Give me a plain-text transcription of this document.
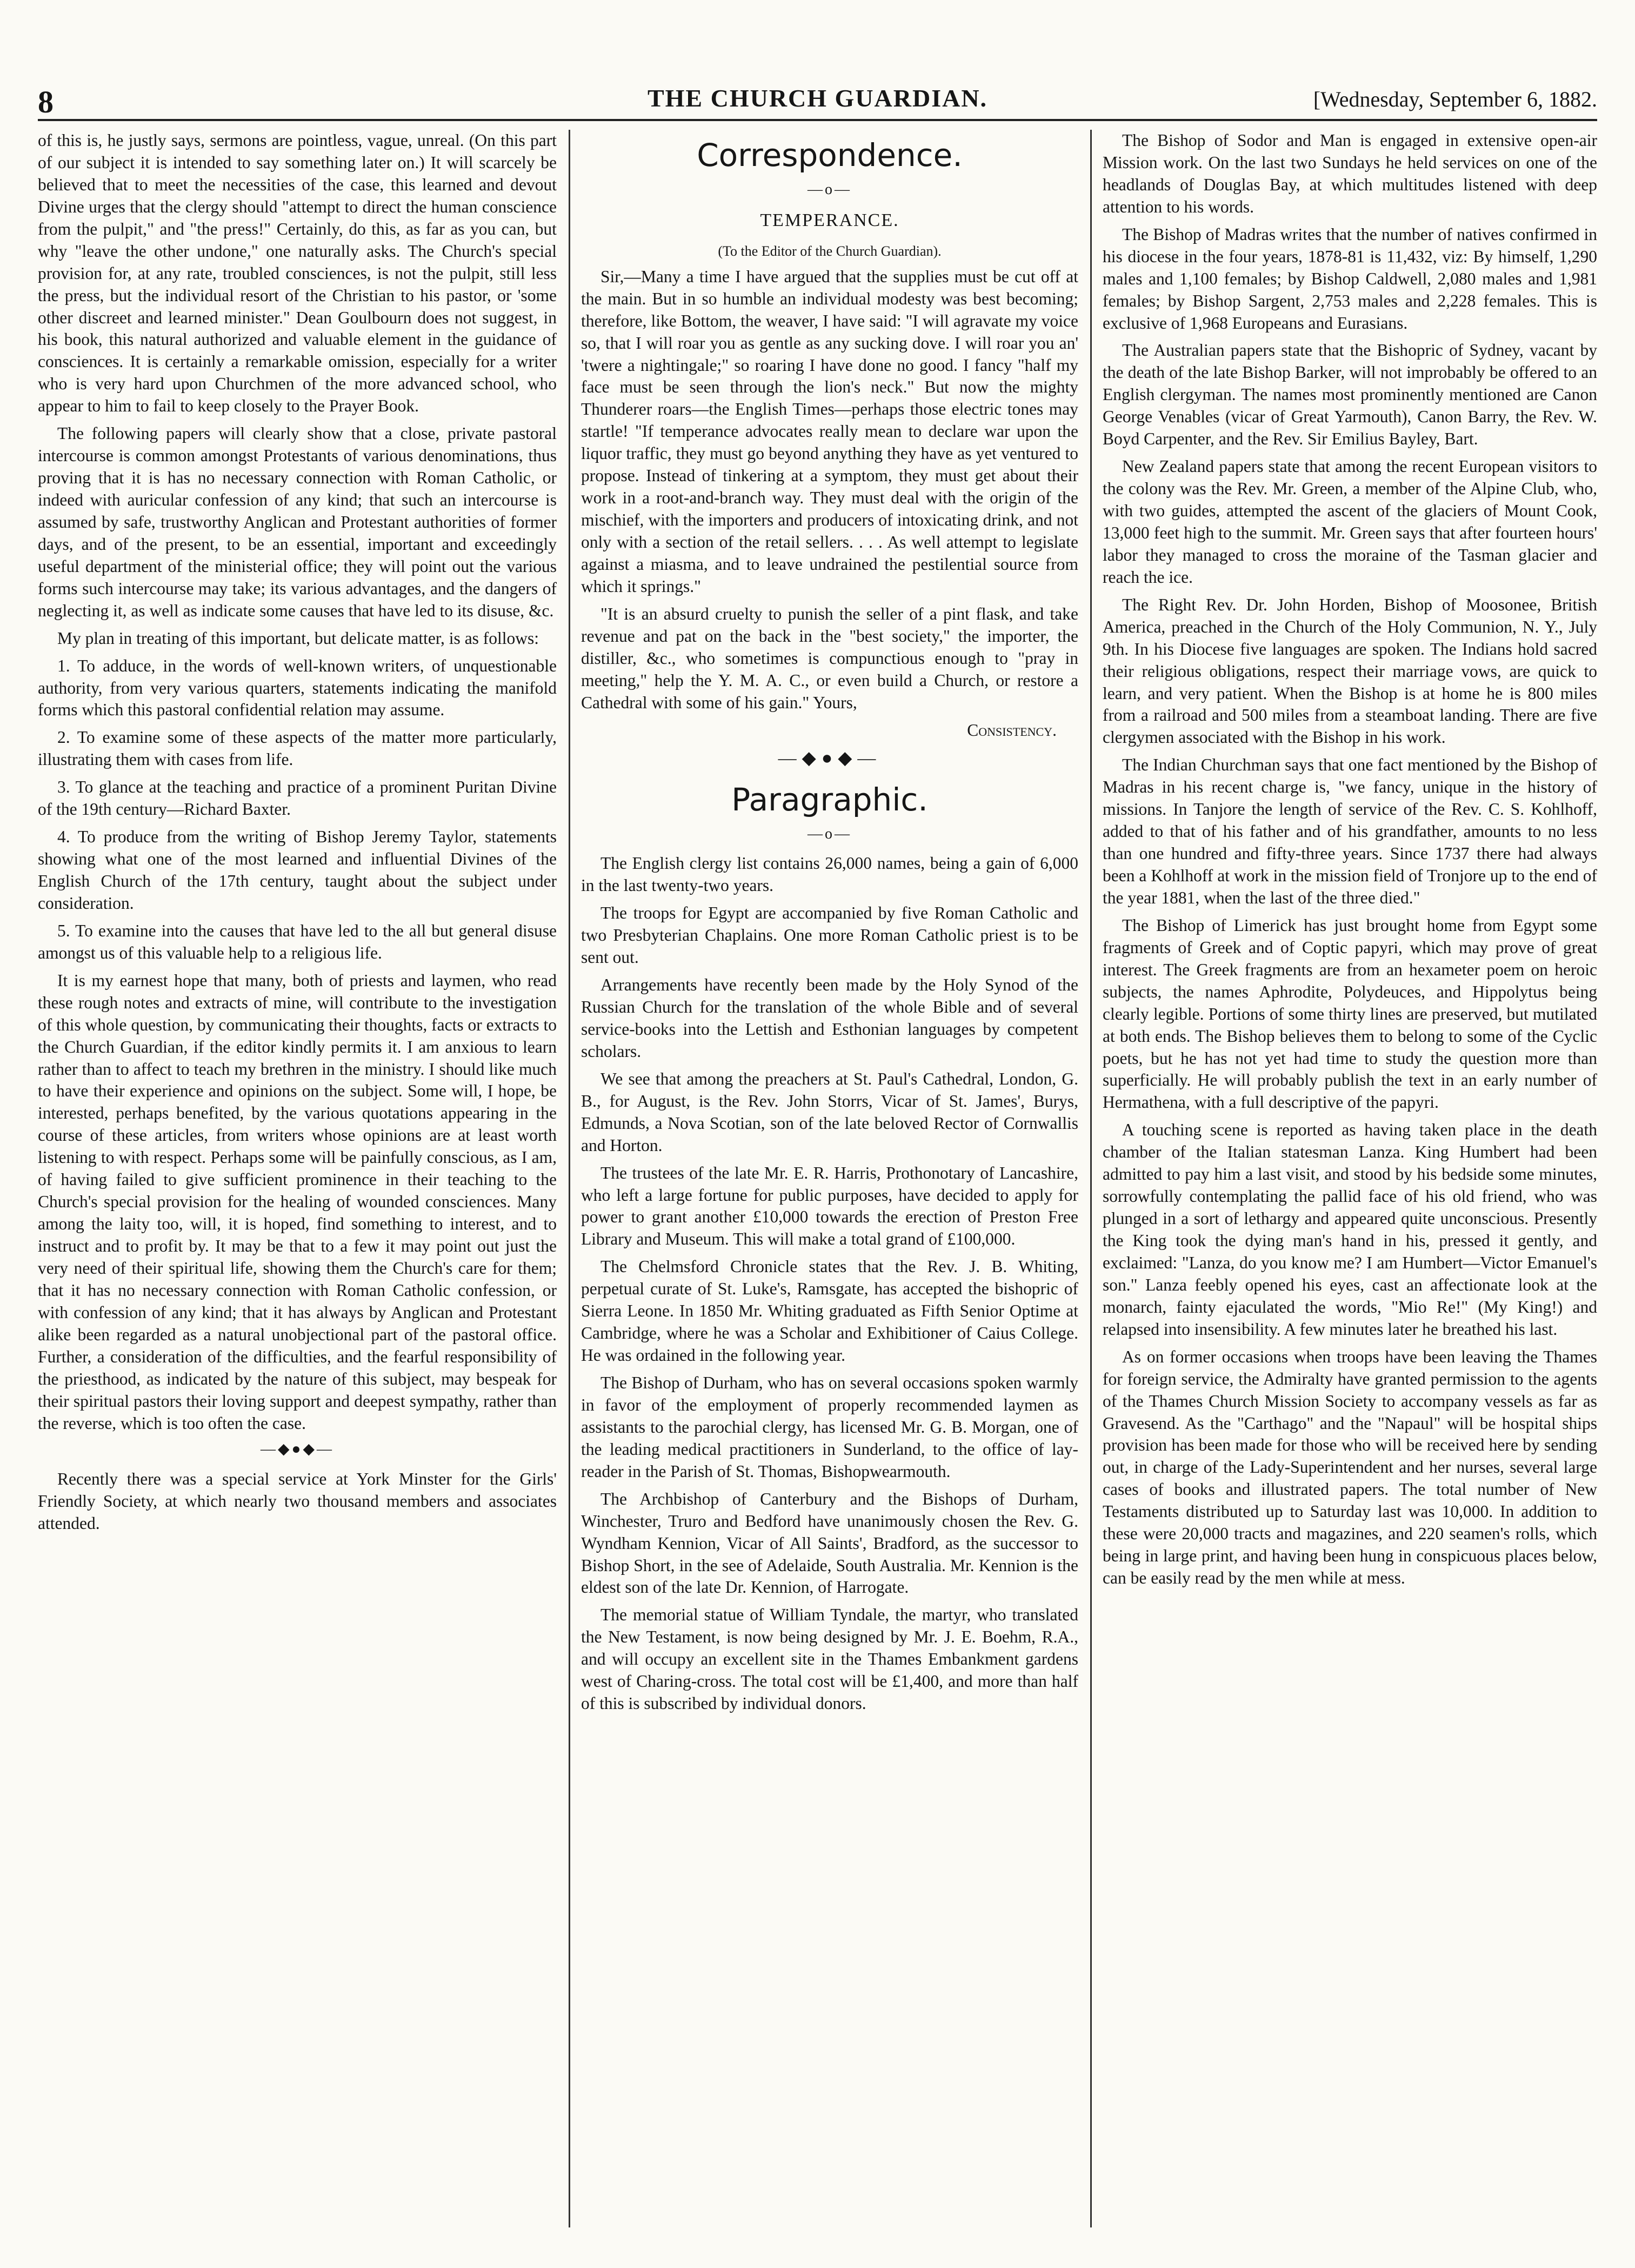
8	THE CHURCH GUARDIAN.	[Wednesday, September 6, 1882.

of this is, he justly says, sermons are pointless, vague, unreal. (On this part of our subject it is intended to say something later on.) It will scarcely be believed that to meet the necessities of the case, this learned and devout Divine urges that the clergy should "attempt to direct the human conscience from the pulpit," and "the press!" Certainly, do this, as far as you can, but why "leave the other undone," one naturally asks. The Church's special provision for, at any rate, troubled consciences, is not the pulpit, still less the press, but the individual resort of the Christian to his pastor, or 'some other discreet and learned minister." Dean Goulbourn does not suggest, in his book, this natural authorized and valuable element in the guidance of consciences. It is certainly a remarkable omission, especially for a writer who is very hard upon Churchmen of the more advanced school, who appear to him to fail to keep closely to the Prayer Book.

The following papers will clearly show that a close, private pastoral intercourse is common amongst Protestants of various denominations, thus proving that it is has no necessary connection with Roman Catholic, or indeed with auricular confession of any kind; that such an intercourse is assumed by safe, trustworthy Anglican and Protestant authorities of former days, and of the present, to be an essential, important and exceedingly useful department of the ministerial office; they will point out the various forms such intercourse may take; its various advantages, and the dangers of neglecting it, as well as indicate some causes that have led to its disuse, &c.

My plan in treating of this important, but delicate matter, is as follows:

1. To adduce, in the words of well-known writers, of unquestionable authority, from very various quarters, statements indicating the manifold forms which this pastoral confidential relation may assume.

2. To examine some of these aspects of the matter more particularly, illustrating them with cases from life.

3. To glance at the teaching and practice of a prominent Puritan Divine of the 19th century—Richard Baxter.

4. To produce from the writing of Bishop Jeremy Taylor, statements showing what one of the most learned and influential Divines of the English Church of the 17th century, taught about the subject under consideration.

5. To examine into the causes that have led to the all but general disuse amongst us of this valuable help to a religious life.

It is my earnest hope that many, both of priests and laymen, who read these rough notes and extracts of mine, will contribute to the investigation of this whole question, by communicating their thoughts, facts or extracts to the Church Guardian, if the editor kindly permits it. I am anxious to learn rather than to affect to teach my brethren in the ministry. I should like much to have their experience and opinions on the subject. Some will, I hope, be interested, perhaps benefited, by the various quotations appearing in the course of these articles, from writers whose opinions are at least worth listening to with respect. Perhaps some will be painfully conscious, as I am, of having failed to give sufficient prominence in their teaching to the Church's special provision for the healing of wounded consciences. Many among the laity too, will, it is hoped, find something to interest, and to instruct and to profit by. It may be that to a few it may point out just the very need of their spiritual life, showing them the Church's care for them; that it has no necessary connection with Roman Catholic confession, or with confession of any kind; that it has always by Anglican and Protestant alike been regarded as a natural unobjectional part of the pastoral office. Further, a consideration of the difficulties, and the fearful responsibility of the priesthood, as indicated by the nature of this subject, may bespeak for their spiritual pastors their loving support and deepest sympathy, rather than the reverse, which is too often the case.

—◆●◆—

Recently there was a special service at York Minster for the Girls' Friendly Society, at which nearly two thousand members and associates attended.

Correspondence.
—o—
TEMPERANCE.

(To the Editor of the Church Guardian).

Sir,—Many a time I have argued that the supplies must be cut off at the main. But in so humble an individual modesty was best becoming; therefore, like Bottom, the weaver, I have said: "I will agravate my voice so, that I will roar you as gentle as any sucking dove. I will roar you an' 'twere a nightingale;" so roaring I have done no good. I fancy "half my face must be seen through the lion's neck." But now the mighty Thunderer roars—the English Times—perhaps those electric tones may startle! "If temperance advocates really mean to declare war upon the liquor traffic, they must go beyond anything they have as yet ventured to propose. Instead of tinkering at a symptom, they must get about their work in a root-and-branch way. They must deal with the origin of the mischief, with the importers and producers of intoxicating drink, and not only with a section of the retail sellers. . . . As well attempt to legislate against a miasma, and to leave undrained the pestilential source from which it springs."

"It is an absurd cruelty to punish the seller of a pint flask, and take revenue and pat on the back in the "best society," the importer, the distiller, &c., who sometimes is compunctious enough to "pray in meeting," help the Y. M. A. C., or even build a Church, or restore a Cathedral with some of his gain." Yours,

Consistency.

—◆●◆—
Paragraphic.
—o—

The English clergy list contains 26,000 names, being a gain of 6,000 in the last twenty-two years.

The troops for Egypt are accompanied by five Roman Catholic and two Presbyterian Chaplains. One more Roman Catholic priest is to be sent out.

Arrangements have recently been made by the Holy Synod of the Russian Church for the translation of the whole Bible and of several service-books into the Lettish and Esthonian languages by competent scholars.

We see that among the preachers at St. Paul's Cathedral, London, G. B., for August, is the Rev. John Storrs, Vicar of St. James', Burys, Edmunds, a Nova Scotian, son of the late beloved Rector of Cornwallis and Horton.

The trustees of the late Mr. E. R. Harris, Prothonotary of Lancashire, who left a large fortune for public purposes, have decided to apply for power to grant another £10,000 towards the erection of Preston Free Library and Museum. This will make a total grand of £100,000.

The Chelmsford Chronicle states that the Rev. J. B. Whiting, perpetual curate of St. Luke's, Ramsgate, has accepted the bishopric of Sierra Leone. In 1850 Mr. Whiting graduated as Fifth Senior Optime at Cambridge, where he was a Scholar and Exhibitioner of Caius College. He was ordained in the following year.

The Bishop of Durham, who has on several occasions spoken warmly in favor of the employment of properly recommended laymen as assistants to the parochial clergy, has licensed Mr. G. B. Morgan, one of the leading medical practitioners in Sunderland, to the office of lay-reader in the Parish of St. Thomas, Bishopwearmouth.

The Archbishop of Canterbury and the Bishops of Durham, Winchester, Truro and Bedford have unanimously chosen the Rev. G. Wyndham Kennion, Vicar of All Saints', Bradford, as the successor to Bishop Short, in the see of Adelaide, South Australia. Mr. Kennion is the eldest son of the late Dr. Kennion, of Harrogate.

The memorial statue of William Tyndale, the martyr, who translated the New Testament, is now being designed by Mr. J. E. Boehm, R.A., and will occupy an excellent site in the Thames Embankment gardens west of Charing-cross. The total cost will be £1,400, and more than half of this is subscribed by individual donors.

The Bishop of Sodor and Man is engaged in extensive open-air Mission work. On the last two Sundays he held services on one of the headlands of Douglas Bay, at which multitudes listened with deep attention to his words.

The Bishop of Madras writes that the number of natives confirmed in his diocese in the four years, 1878-81 is 11,432, viz: By himself, 1,290 males and 1,100 females; by Bishop Caldwell, 2,080 males and 1,981 females; by Bishop Sargent, 2,753 males and 2,228 females. This is exclusive of 1,968 Europeans and Eurasians.

The Australian papers state that the Bishopric of Sydney, vacant by the death of the late Bishop Barker, will not improbably be offered to an English clergyman. The names most prominently mentioned are Canon George Venables (vicar of Great Yarmouth), Canon Barry, the Rev. W. Boyd Carpenter, and the Rev. Sir Emilius Bayley, Bart.

New Zealand papers state that among the recent European visitors to the colony was the Rev. Mr. Green, a member of the Alpine Club, who, with two guides, attempted the ascent of the glaciers of Mount Cook, 13,000 feet high to the summit. Mr. Green says that after fourteen hours' labor they managed to cross the moraine of the Tasman glacier and reach the ice.

The Right Rev. Dr. John Horden, Bishop of Moosonee, British America, preached in the Church of the Holy Communion, N. Y., July 9th. In his Diocese five languages are spoken. The Indians hold sacred their religious obligations, respect their marriage vows, are quick to learn, and very patient. When the Bishop is at home he is 800 miles from a railroad and 500 miles from a steamboat landing. There are five clergymen associated with the Bishop in his work.

The Indian Churchman says that one fact mentioned by the Bishop of Madras in his recent charge is, "we fancy, unique in the history of missions. In Tanjore the length of service of the Rev. C. S. Kohlhoff, added to that of his father and of his grandfather, amounts to no less than one hundred and fifty-three years. Since 1737 there had always been a Kohlhoff at work in the mission field of Tronjore up to the end of the year 1881, when the last of the three died."

The Bishop of Limerick has just brought home from Egypt some fragments of Greek and of Coptic papyri, which may prove of great interest. The Greek fragments are from an hexameter poem on heroic subjects, the names Aphrodite, Polydeuces, and Hippolytus being clearly legible. Portions of some thirty lines are preserved, but mutilated at both ends. The Bishop believes them to belong to some of the Cyclic poets, but he has not yet had time to study the question more than superficially. He will probably publish the text in an early number of Hermathena, with a full descriptive of the papyri.

A touching scene is reported as having taken place in the death chamber of the Italian statesman Lanza. King Humbert had been admitted to pay him a last visit, and stood by his bedside some minutes, sorrowfully contemplating the pallid face of his old friend, who was plunged in a sort of lethargy and appeared quite unconscious. Presently the King took the dying man's hand in his, pressed it gently, and exclaimed: "Lanza, do you know me? I am Humbert—Victor Emanuel's son." Lanza feebly opened his eyes, cast an affectionate look at the monarch, fainty ejaculated the words, "Mio Re!" (My King!) and relapsed into insensibility. A few minutes later he breathed his last.

As on former occasions when troops have been leaving the Thames for foreign service, the Admiralty have granted permission to the agents of the Thames Church Mission Society to accompany vessels as far as Gravesend. As the "Carthago" and the "Napaul" will be hospital ships provision has been made for those who will be received here by sending out, in charge of the Lady-Superintendent and her nurses, several large cases of books and illustrated papers. The total number of New Testaments distributed up to Saturday last was 10,000. In addition to these were 20,000 tracts and magazines, and 220 seamen's rolls, which being in large print, and having been hung in conspicuous places below, can be easily read by the men while at mess.
